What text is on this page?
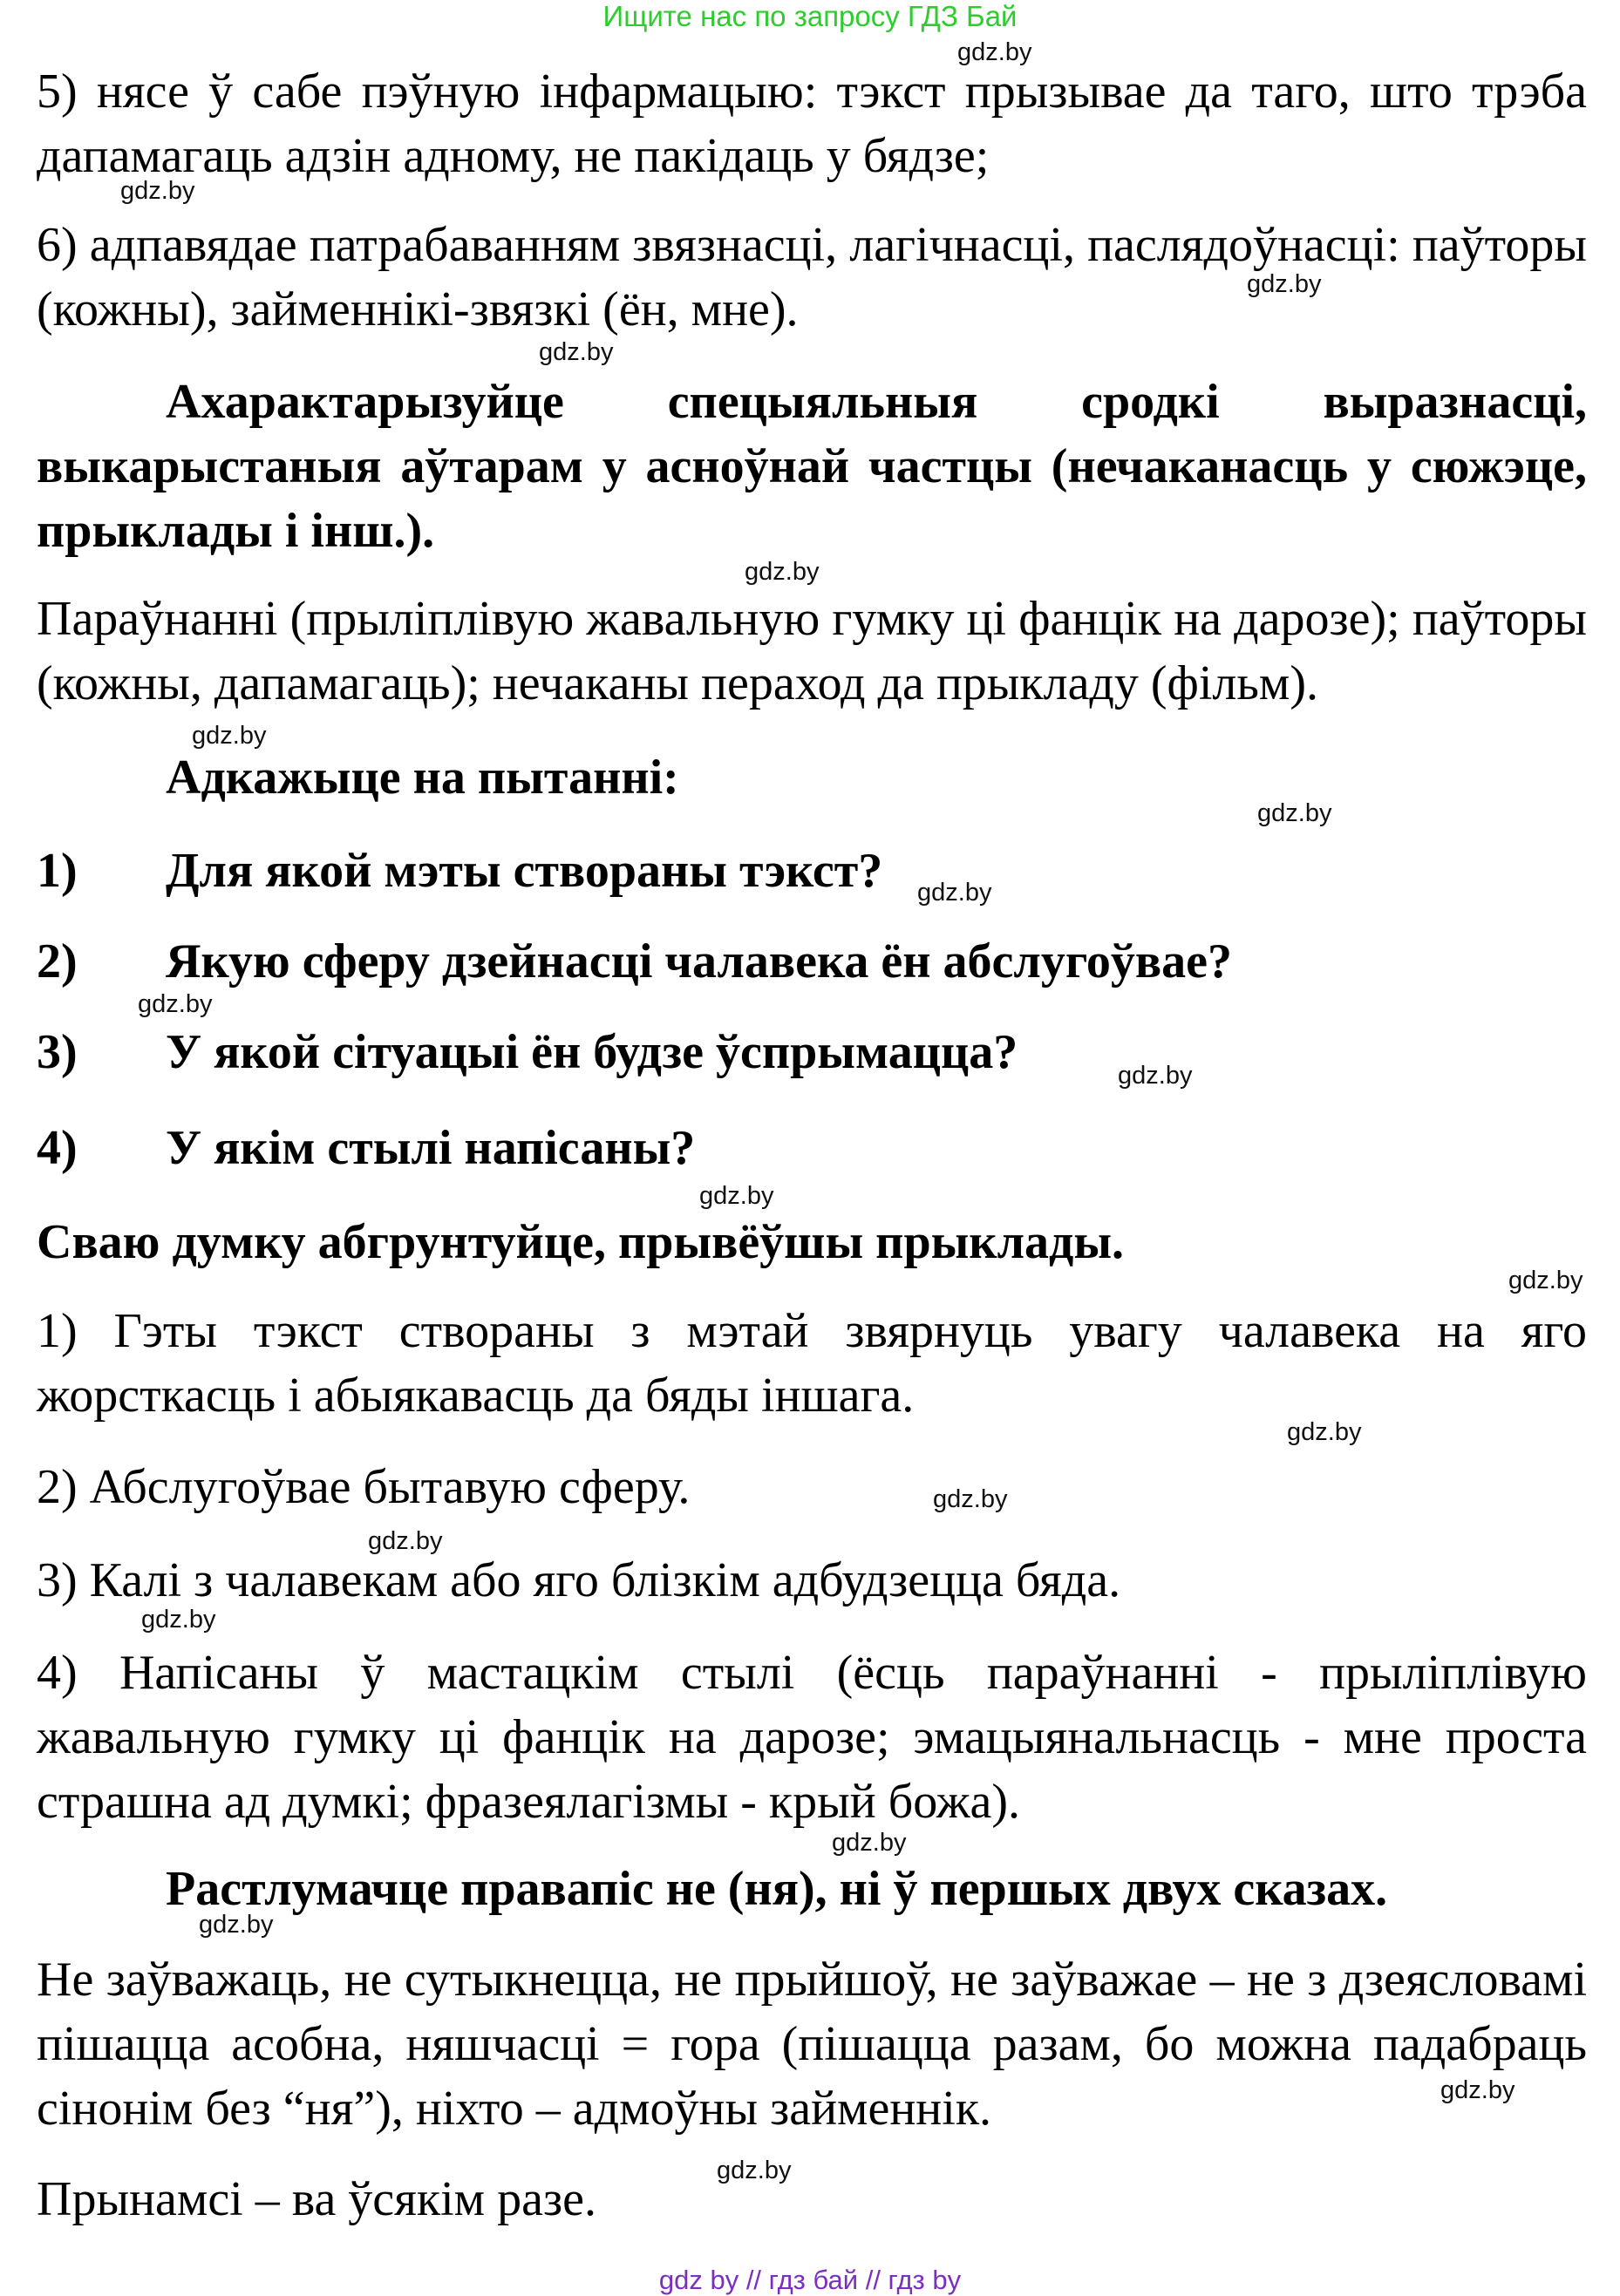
Ищите нас по запросу ГДЗ Бай
gdz.by
gdz.by
gdz.by
gdz.by
gdz.by
gdz.by
gdz.by
gdz.by
gdz.by
gdz.by
gdz.by
gdz.by
gdz.by
gdz.by
gdz.by
gdz.by
gdz.by
gdz.by
gdz.by
gdz.by
5) нясе ў сабе пэўную інфармацыю: тэкст прызывае да таго, што трэба дапамагаць адзін адному, не пакідаць у бядзе;
6) адпавядае патрабаванням звязнасці, лагічнасці, паслядоўнасці: паўторы (кожны), займеннікі-звязкі (ён, мне).
Ахарактарызуйце спецыяльныя сродкі выразнасці, выкарыстаныя аўтарам у асноўнай частцы (нечаканасць у сюжэце, прыклады і інш.).
Параўнанні (прыліплівую жавальную гумку ці фанцік на дарозе); паўторы (кожны, дапамагаць); нечаканы пераход да прыкладу (фільм).
Адкажыце на пытанні:
1) Для якой мэты створаны тэкст?
2) Якую сферу дзейнасці чалавека ён абслугоўвае?
3) У якой сітуацыі ён будзе ўспрымацца?
4) У якім стылі напісаны?
Сваю думку абгрунтуйце, прывёўшы прыклады.
1) Гэты тэкст створаны з мэтай звярнуць увагу чалавека на яго жорсткасць і абыякавасць да бяды іншага.
2) Абслугоўвае бытавую сферу.
3) Калі з чалавекам або яго блізкім адбудзецца бяда.
4) Напісаны ў мастацкім стылі (ёсць параўнанні - прыліплівую жавальную гумку ці фанцік на дарозе; эмацыянальнасць - мне проста страшна ад думкі; фразеялагізмы - крый божа).
Растлумачце правапіс не (ня), ні ў першых двух сказах.
Не заўважаць, не сутыкнецца, не прыйшоў, не заўважае – не з дзеясловамі пішацца асобна, няшчасці = гора (пішацца разам, бо можна падабраць сінонім без “ня”), ніхто – адмоўны займеннік.
Прынамсі – ва ўсякім разе.
gdz by // гдз бай // гдз by
